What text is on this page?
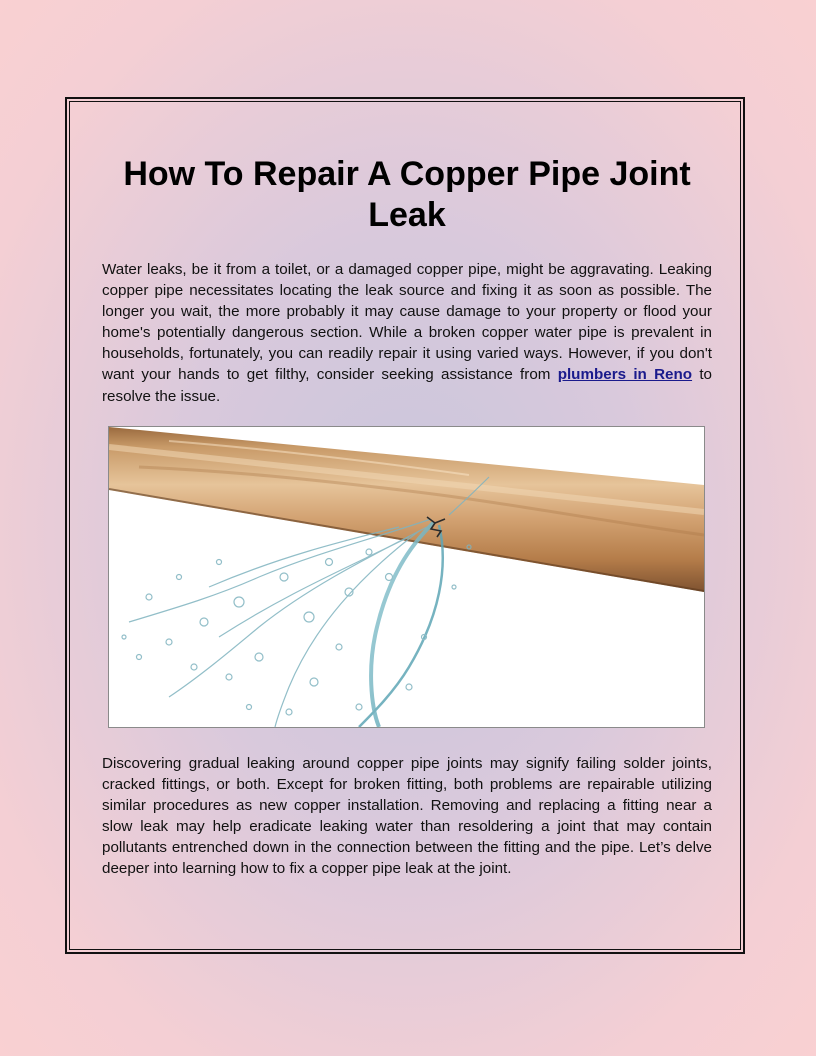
How To Repair A Copper Pipe Joint Leak

Water leaks, be it from a toilet, or a damaged copper pipe, might be aggravating. Leaking copper pipe necessitates locating the leak source and fixing it as soon as possible. The longer you wait, the more probably it may cause damage to your property or flood your home's potentially dangerous section. While a broken copper water pipe is prevalent in households, fortunately, you can readily repair it using varied ways. However, if you don't want your hands to get filthy, consider seeking assistance from plumbers in Reno to resolve the issue.

Discovering gradual leaking around copper pipe joints may signify failing solder joints, cracked fittings, or both. Except for broken fitting, both problems are repairable utilizing similar procedures as new copper installation. Removing and replacing a fitting near a slow leak may help eradicate leaking water than resoldering a joint that may contain pollutants entrenched down in the connection between the fitting and the pipe. Let’s delve deeper into learning how to fix a copper pipe leak at the joint.
